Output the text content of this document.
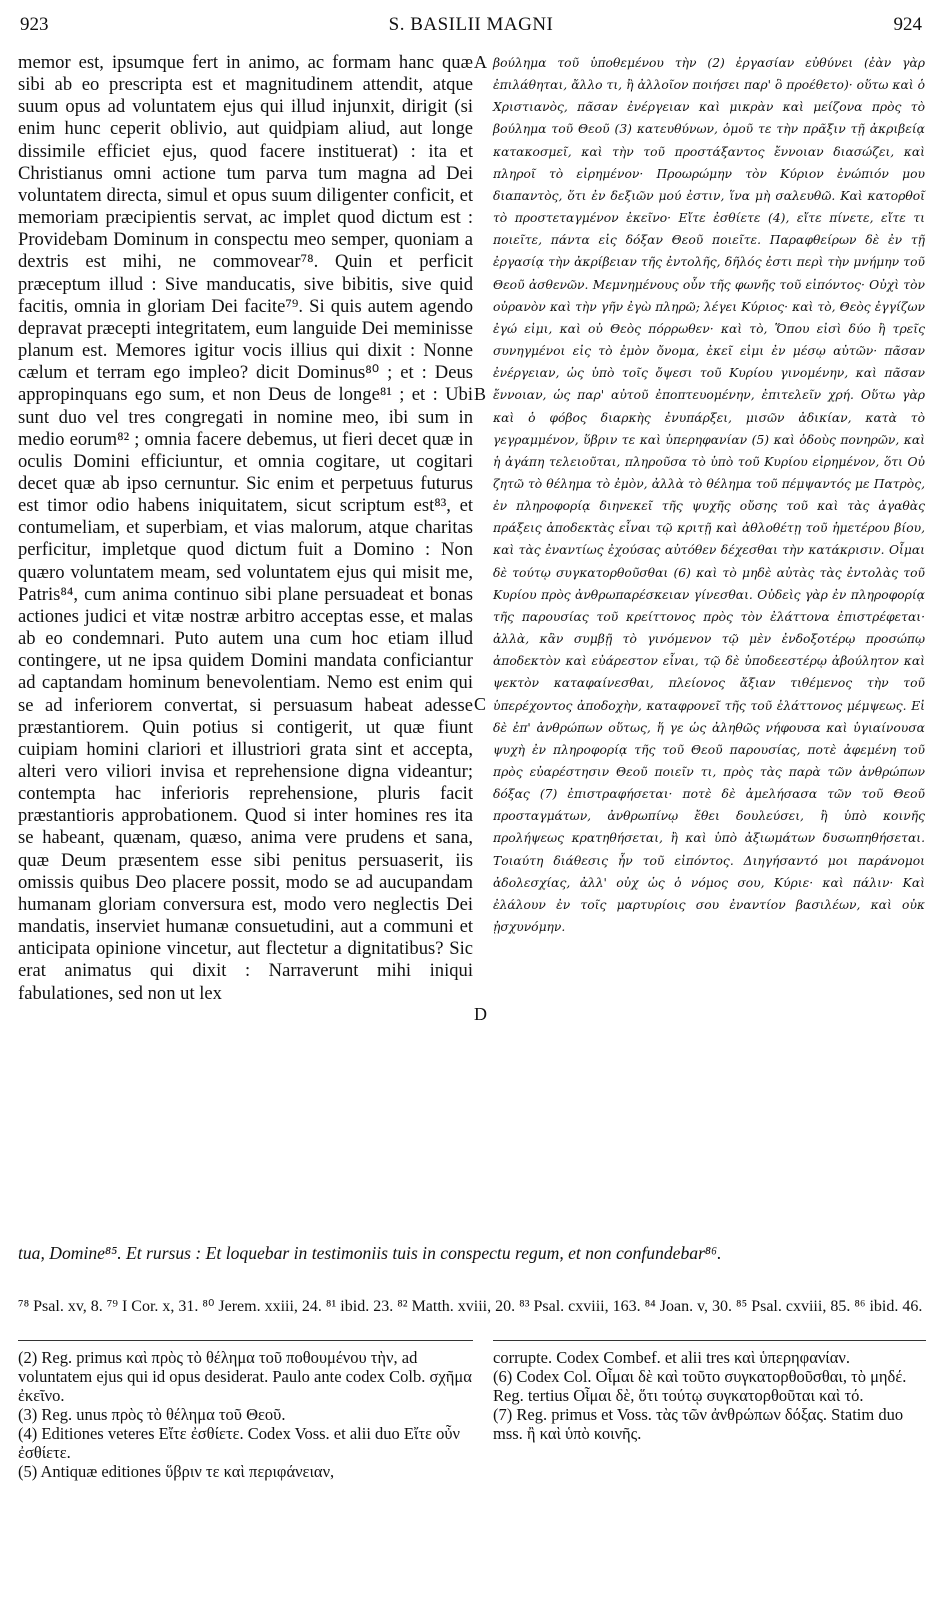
923	S. BASILII MAGNI	924
memor est, ipsumque fert in animo, ac formam hanc quæ sibi ab eo prescripta est et magnitudinem attendit, atque suum opus ad voluntatem ejus qui illud injunxit, dirigit (si enim hunc ceperit oblivio, aut quidpiam aliud, aut longe dissimile efficiet ejus, quod facere instituerat) : ita et Christianus omni actione tum parva tum magna ad Dei voluntatem directa, simul et opus suum diligenter conficit, et memoriam præcipientis servat, ac implet quod dictum est : Providebam Dominum in conspectu meo semper, quoniam a dextris est mihi, ne commovear⁷⁸. Quin et perficit præceptum illud : Sive manducatis, sive bibitis, sive quid facitis, omnia in gloriam Dei facite⁷⁹. Si quis autem agendo depravat præcepti integritatem, eum languide Dei meminisse planum est. Memores igitur vocis illius qui dixit : Nonne cælum et terram ego impleo? dicit Dominus⁸⁰ ; et : Deus appropinquans ego sum, et non Deus de longe⁸¹ ; et : Ubi sunt duo vel tres congregati in nomine meo, ibi sum in medio eorum⁸² ; omnia facere debemus, ut fieri decet quæ in oculis Domini efficiuntur, et omnia cogitare, ut cogitari decet quæ ab ipso cernuntur. Sic enim et perpetuus futurus est timor odio habens iniquitatem, sicut scriptum est⁸³, et contumeliam, et superbiam, et vias malorum, atque charitas perficitur, impletque quod dictum fuit a Domino : Non quæro voluntatem meam, sed voluntatem ejus qui misit me, Patris⁸⁴, cum anima continuo sibi plane persuadeat et bonas actiones judici et vitæ nostræ arbitro acceptas esse, et malas ab eo condemnari. Puto autem una cum hoc etiam illud contingere, ut ne ipsa quidem Domini mandata conficiantur ad captandam hominum benevolentiam. Nemo est enim qui se ad inferiorem convertat, si persuasum habeat adesse præstantiorem. Quin potius si contigerit, ut quæ fiunt cuipiam homini clariori et illustriori grata sint et accepta, alteri vero viliori invisa et reprehensione digna videantur; contempta hac inferioris reprehensione, pluris facit præstantioris approbationem. Quod si inter homines res ita se habeant, quænam, quæso, anima vere prudens et sana, quæ Deum præsentem esse sibi penitus persuaserit, iis omissis quibus Deo placere possit, modo se ad aucupandam humanam gloriam conversura est, modo vero neglectis Dei mandatis, inserviet humanæ consuetudini, aut a communi et anticipata opinione vincetur, aut flectetur a dignitatibus? Sic erat animatus qui dixit : Narraverunt mihi iniqui fabulationes, sed non ut lex
A
B
C
D
βούλημα τοῦ ὑποθεμένου τὴν (2) ἐργασίαν εὐθύνει (ἐὰν γὰρ ἐπιλάθηται, ἄλλο τι, ἢ ἀλλοῖον ποιήσει παρ' ὃ προέθετο)· οὕτω καὶ ὁ Χριστιανὸς, πᾶσαν ἐνέργειαν καὶ μικρὰν καὶ μείζονα πρὸς τὸ βούλημα τοῦ Θεοῦ (3) κατευθύνων, ὁμοῦ τε τὴν πρᾶξιν τῇ ἀκριβείᾳ κατακοσμεῖ, καὶ τὴν τοῦ προστάξαντος ἔννοιαν διασώζει, καὶ πληροῖ τὸ εἰρημένον· Προωρώμην τὸν Κύριον ἐνώπιόν μου διαπαντὸς, ὅτι ἐν δεξιῶν μού ἐστιν, ἵνα μὴ σαλευθῶ. Καὶ κατορθοῖ τὸ προστεταγμένον ἐκεῖνο· Εἴτε ἐσθίετε (4), εἴτε πίνετε, εἴτε τι ποιεῖτε, πάντα εἰς δόξαν Θεοῦ ποιεῖτε. Παραφθείρων δὲ ἐν τῇ ἐργασίᾳ τὴν ἀκρίβειαν τῆς ἐντολῆς, δῆλός ἐστι περὶ τὴν μνήμην τοῦ Θεοῦ ἀσθενῶν. Μεμνημένους οὖν τῆς φωνῆς τοῦ εἰπόντος· Οὐχὶ τὸν οὐρανὸν καὶ τὴν γῆν ἐγὼ πληρῶ; λέγει Κύριος· καὶ τὸ, Θεὸς ἐγγίζων ἐγώ εἰμι, καὶ οὐ Θεὸς πόρρωθεν· καὶ τὸ, Ὅπου εἰσὶ δύο ἢ τρεῖς συνηγμένοι εἰς τὸ ἐμὸν ὄνομα, ἐκεῖ εἰμι ἐν μέσῳ αὐτῶν· πᾶσαν ἐνέργειαν, ὡς ὑπὸ τοῖς ὄψεσι τοῦ Κυρίου γινομένην, καὶ πᾶσαν ἔννοιαν, ὡς παρ' αὐτοῦ ἐποπτευομένην, ἐπιτελεῖν χρή. Οὕτω γὰρ καὶ ὁ φόβος διαρκὴς ἐνυπάρξει, μισῶν ἀδικίαν, κατὰ τὸ γεγραμμένον, ὕβριν τε καὶ ὑπερηφανίαν (5) καὶ ὁδοὺς πονηρῶν, καὶ ἡ ἀγάπη τελειοῦται, πληροῦσα τὸ ὑπὸ τοῦ Κυρίου εἰρημένον, ὅτι Οὐ ζητῶ τὸ θέλημα τὸ ἐμὸν, ἀλλὰ τὸ θέλημα τοῦ πέμψαντός με Πατρὸς, ἐν πληροφορίᾳ διηνεκεῖ τῆς ψυχῆς οὔσης τοῦ καὶ τὰς ἀγαθὰς πράξεις ἀποδεκτὰς εἶναι τῷ κριτῇ καὶ ἀθλοθέτῃ τοῦ ἡμετέρου βίου, καὶ τὰς ἐναντίως ἐχούσας αὐτόθεν δέχεσθαι τὴν κατάκρισιν. Οἶμαι δὲ τούτῳ συγκατορθοῦσθαι (6) καὶ τὸ μηδὲ αὐτὰς τὰς ἐντολὰς τοῦ Κυρίου πρὸς ἀνθρωπαρέσκειαν γίνεσθαι. Οὐδεὶς γὰρ ἐν πληροφορίᾳ τῆς παρουσίας τοῦ κρείττονος πρὸς τὸν ἐλάττονα ἐπιστρέφεται· ἀλλὰ, κἂν συμβῇ τὸ γινόμενον τῷ μὲν ἐνδοξοτέρῳ προσώπῳ ἀποδεκτὸν καὶ εὐάρεστον εἶναι, τῷ δὲ ὑποδεεστέρῳ ἀβούλητον καὶ ψεκτὸν καταφαίνεσθαι, πλείονος ἄξιαν τιθέμενος τὴν τοῦ ὑπερέχοντος ἀποδοχὴν, καταφρονεῖ τῆς τοῦ ἐλάττονος μέμψεως. Εἰ δὲ ἐπ' ἀνθρώπων οὕτως, ἥ γε ὡς ἀληθῶς νήφουσα καὶ ὑγιαίνουσα ψυχὴ ἐν πληροφορίᾳ τῆς τοῦ Θεοῦ παρουσίας, ποτὲ ἀφεμένη τοῦ πρὸς εὐαρέστησιν Θεοῦ ποιεῖν τι, πρὸς τὰς παρὰ τῶν ἀνθρώπων δόξας (7) ἐπιστραφήσεται· ποτὲ δὲ ἀμελήσασα τῶν τοῦ Θεοῦ προσταγμάτων, ἀνθρωπίνῳ ἔθει δουλεύσει, ἢ ὑπὸ κοινῆς προλήψεως κρατηθήσεται, ἢ καὶ ὑπὸ ἀξιωμάτων δυσωπηθήσεται. Τοιαύτη διάθεσις ἦν τοῦ εἰπόντος. Διηγήσαντό μοι παράνομοι ἀδολεσχίας, ἀλλ' οὐχ ὡς ὁ νόμος σου, Κύριε· καὶ πάλιν· Καὶ ἐλάλουν ἐν τοῖς μαρτυρίοις σου ἐναντίον βασιλέων, καὶ οὐκ ᾐσχυνόμην.
tua, Domine⁸⁵. Et rursus : Et loquebar in testimoniis tuis in conspectu regum, et non confundebar⁸⁶.
⁷⁸ Psal. xv, 8. ⁷⁹ I Cor. x, 31. ⁸⁰ Jerem. xxiii, 24. ⁸¹ ibid. 23. ⁸² Matth. xviii, 20. ⁸³ Psal. cxviii, 163. ⁸⁴ Joan. v, 30. ⁸⁵ Psal. cxviii, 85. ⁸⁶ ibid. 46.

(2) Reg. primus καὶ πρὸς τὸ θέλημα τοῦ ποθουμένου τὴν, ad voluntatem ejus qui id opus desiderat. Paulo ante codex Colb. σχῆμα ἐκεῖνο.

(3) Reg. unus πρὸς τὸ θέλημα τοῦ Θεοῦ.

(4) Editiones veteres Εἴτε ἐσθίετε. Codex Voss. et alii duo Εἴτε οὖν ἐσθίετε.

(5) Antiquæ editiones ὕβριν τε καὶ περιφάνειαν,

corrupte. Codex Combef. et alii tres καὶ ὑπερηφανίαν.

(6) Codex Col. Οἶμαι δὲ καὶ τοῦτο συγκατορθοῦσθαι, τὸ μηδέ. Reg. tertius Οἶμαι δὲ, ὅτι τούτῳ συγκατορθοῦται καὶ τό.

(7) Reg. primus et Voss. τὰς τῶν ἀνθρώπων δόξας. Statim duo mss. ἢ καὶ ὑπὸ κοινῆς.
